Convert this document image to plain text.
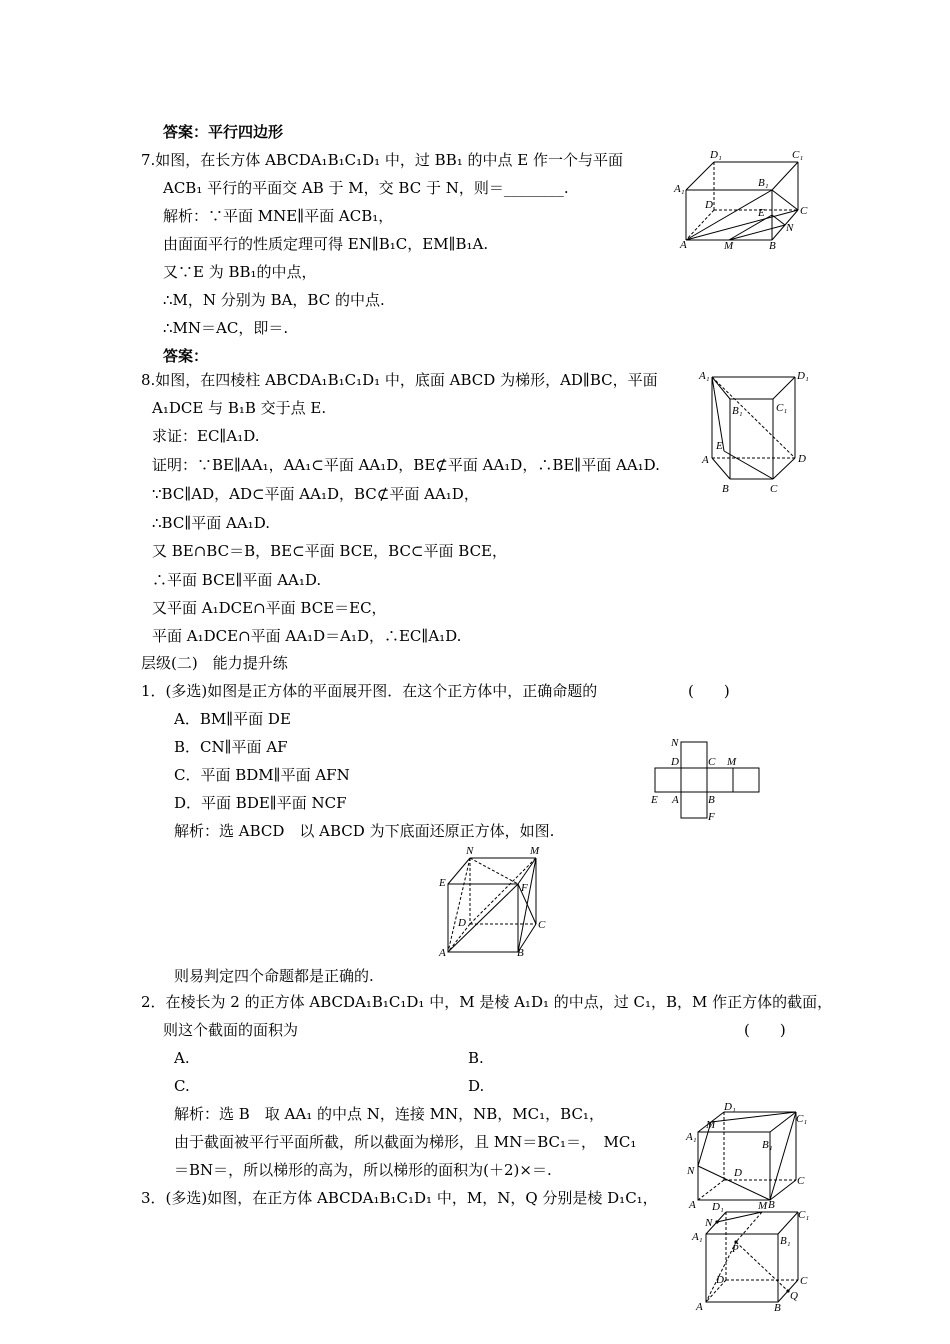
答案：平行四边形
7.如图，在长方体 ABCDA₁B₁C₁D₁ 中，过 BB₁ 的中点 E 作一个与平面
ACB₁ 平行的平面交 AB 于 M，交 BC 于 N，则＝________.
解析：∵平面 MNE∥平面 ACB₁，
由面面平行的性质定理可得 EN∥B₁C，EM∥B₁A.
又∵E 为 BB₁的中点，
∴M，N 分别为 BA，BC 的中点.
∴MN＝AC，即＝.
答案：
8.如图，在四棱柱 ABCDA₁B₁C₁D₁ 中，底面 ABCD 为梯形，AD∥BC，平面
A₁DCE 与 B₁B 交于点 E.
求证：EC∥A₁D.
证明：∵BE∥AA₁，AA₁⊂平面 AA₁D，BE⊄平面 AA₁D，∴BE∥平面 AA₁D.
∵BC∥AD，AD⊂平面 AA₁D，BC⊄平面 AA₁D，
∴BC∥平面 AA₁D.
又 BE∩BC＝B，BE⊂平面 BCE，BC⊂平面 BCE，
∴平面 BCE∥平面 AA₁D.
又平面 A₁DCE∩平面 BCE＝EC，
平面 A₁DCE∩平面 AA₁D＝A₁D，∴EC∥A₁D.
层级(二)　能力提升练
1．(多选)如图是正方体的平面展开图．在这个正方体中，正确命题的	(　　)
A．BM∥平面 DE
B．CN∥平面 AF
C．平面 BDM∥平面 AFN
D．平面 BDE∥平面 NCF
解析：选 ABCD　以 ABCD 为下底面还原正方体，如图.
则易判定四个命题都是正确的.
2．在棱长为 2 的正方体 ABCDA₁B₁C₁D₁ 中，M 是棱 A₁D₁ 的中点，过 C₁，B，M 作正方体的截面，
则这个截面的面积为	(　　)
A.	B.
C.	D.
解析：选 B　取 AA₁ 的中点 N，连接 MN，NB，MC₁，BC₁，
由于截面被平行平面所截，所以截面为梯形，且 MN＝BC₁＝，　MC₁
＝BN＝，所以梯形的高为，所以梯形的面积为(＋2)×＝.
3．(多选)如图，在正方体 ABCDA₁B₁C₁D₁ 中，M，N，Q 分别是棱 D₁C₁，
D₁	C₁
A₁	B₁
D
E	C
N
A	M	B
A₁	D₁
B₁	C₁
E
A	D
B	C
N
D	C M
E A	B
F
N	M
E	F
D	C
A	B
D₁
M
A₁
C₁
B₁
N	D
C
A	B
D₁	M
N
C₁
A₁	B₁
P
D	C
A	B
Q
